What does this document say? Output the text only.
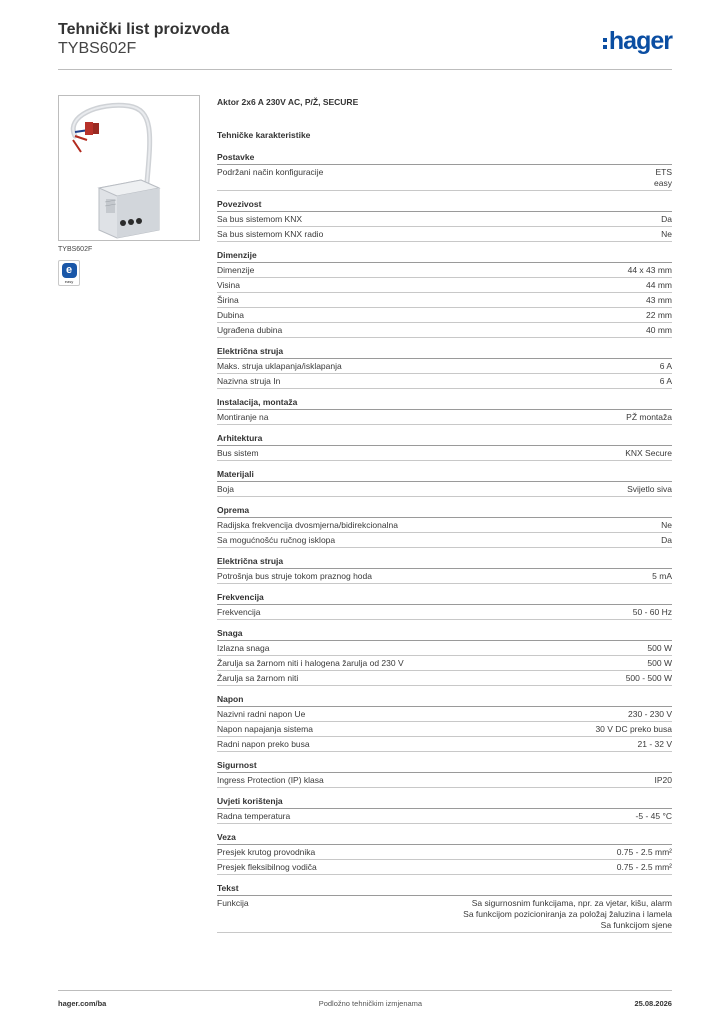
Tehnički list proizvoda
TYBS602F	hager
TYBS602F
e
easy
Aktor 2x6 A 230V AC, P/Ž, SECURE
Tehničke karakteristike
Postavke
Podržani način konfiguracije	ETS
easy
Povezivost
Sa bus sistemom KNX	Da
Sa bus sistemom KNX radio	Ne
Dimenzije
Dimenzije	44 x 43 mm
Visina	44 mm
Širina	43 mm
Dubina	22 mm
Ugrađena dubina	40 mm
Električna struja
Maks. struja uklapanja/isklapanja	6 A
Nazivna struja In	6 A
Instalacija, montaža
Montiranje na	PŽ montaža
Arhitektura
Bus sistem	KNX Secure
Materijali
Boja	Svijetlo siva
Oprema
Radijska frekvencija dvosmjerna/bidirekcionalna	Ne
Sa mogućnošću ručnog isklopa	Da
Električna struja
Potrošnja bus struje tokom praznog hoda	5 mA
Frekvencija
Frekvencija	50 - 60 Hz
Snaga
Izlazna snaga	500 W
Žarulja sa žarnom niti i halogena žarulja od 230 V	500 W
Žarulja sa žarnom niti	500 - 500 W
Napon
Nazivni radni napon Ue	230 - 230 V
Napon napajanja sistema	30 V DC preko busa
Radni napon preko busa	21 - 32 V
Sigurnost
Ingress Protection (IP) klasa	IP20
Uvjeti korištenja
Radna temperatura	-5 - 45 °C
Veza
Presjek krutog provodnika	0.75 - 2.5 mm²
Presjek fleksibilnog vodiča	0.75 - 2.5 mm²
Tekst
Funkcija	Sa sigurnosnim funkcijama, npr. za vjetar, kišu, alarm
Sa funkcijom pozicioniranja za položaj žaluzina i lamela
Sa funkcijom sjene
hager.com/ba	Podložno tehničkim izmjenama	25.08.2026
